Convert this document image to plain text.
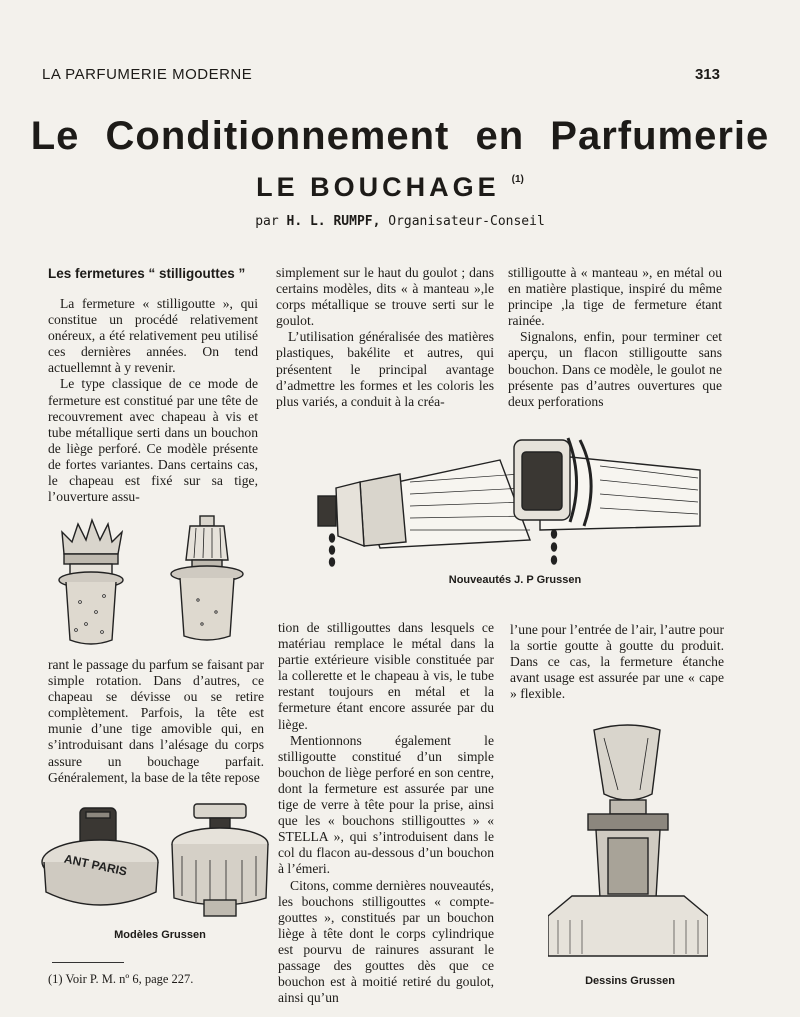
LA PARFUMERIE MODERNE	313
Le Conditionnement en Parfumerie
LE BOUCHAGE $^{(1)}$
par H. L. RUMPF, Organisateur-Conseil
Les fermetures “ stilligouttes ”

La fermeture « stilligoutte », qui constitue un procédé relativement onéreux, a été relativement peu utilisé ces dernières années. On tend actuellemnt à y revenir.

Le type classique de ce mode de fermeture est constitué par une tête de recouvrement avec chapeau à vis et tube métallique serti dans un bouchon de liège perforé. Ce modèle présente de fortes variantes. Dans certains cas, le chapeau est fixé sur sa tige, l’ouverture assu-

rant le passage du parfum se faisant par simple rotation. Dans d’autres, ce chapeau se dévisse ou se retire complètement. Parfois, la tête est munie d’une tige amovible qui, en s’introduisant dans l’alésage du corps assure un bouchage parfait. Généralement, la base de la tête repose

ANT PARIS
Modèles Grussen
(1) Voir P. M. nº 6, page 227.

simplement sur le haut du goulot ; dans certains modèles, dits « à manteau »,le corps métallique se trouve serti sur le goulot.

L’utilisation généralisée des matières plastiques, bakélite et autres, qui présentent le principal avantage d’admettre les formes et les coloris les plus variés, a conduit à la créa-

stilligoutte à « manteau », en métal ou en matière plastique, inspiré du même principe ,la tige de fermeture étant rainée.

Signalons, enfin, pour terminer cet aperçu, un flacon stilligoutte sans bouchon. Dans ce modèle, le goulot ne présente pas d’autres ouvertures que deux perforations

Nouveautés J. P Grussen

tion de stilligouttes dans lesquels ce matériau remplace le métal dans la partie extérieure visible constituée par la collerette et le chapeau à vis, le tube restant toujours en métal et la fermeture étant encore assurée par du liège.

Mentionnons également le stilligoutte constitué d’un simple bouchon de liège perforé en son centre, dont la fermeture est assurée par une tige de verre à tête pour la prise, ainsi que les « bouchons stilligouttes » « STELLA », qui s’introduisent dans le col du flacon au-dessous d’un bouchon à l’émeri.

Citons, comme dernières nouveautés, les bouchons stilligouttes « compte-gouttes », constitués par un bouchon liège à tête dont le corps cylindrique est pourvu de rainures assurant le passage des gouttes dès que ce bouchon est à moitié retiré du goulot, ainsi qu’un

l’une pour l’entrée de l’air, l’autre pour la sortie goutte à goutte du produit. Dans ce cas, la fermeture étanche avant usage est assurée par une « cape » flexible.

Dessins Grussen
